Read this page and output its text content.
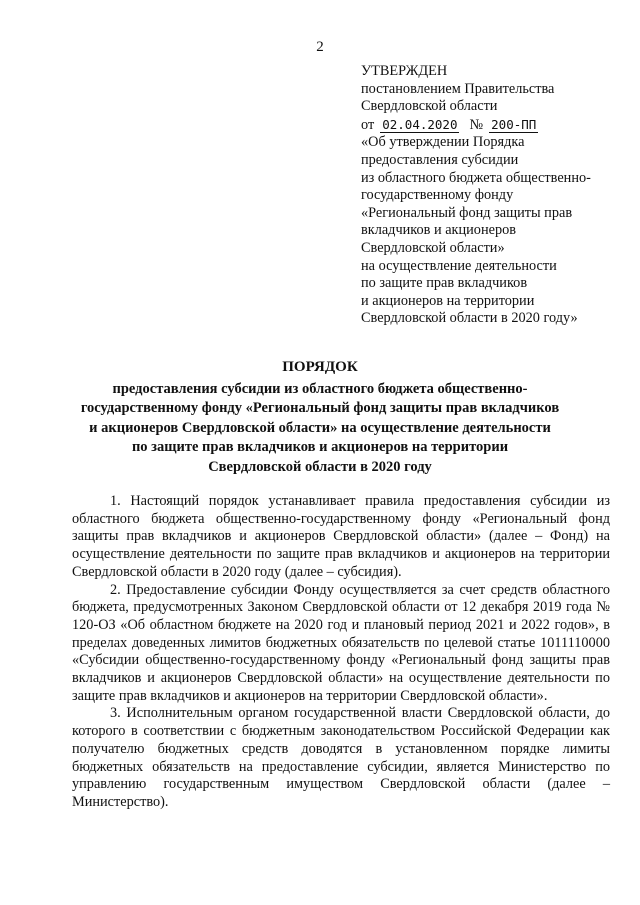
2
УТВЕРЖДЕН
постановлением Правительства
Свердловской области
от 02.04.2020 № 200-ПП
«Об утверждении Порядка
предоставления субсидии
из областного бюджета общественно-
государственному фонду
«Региональный фонд защиты прав
вкладчиков и акционеров
Свердловской области»
на осуществление деятельности
по защите прав вкладчиков
и акционеров на территории
Свердловской области в 2020 году»
ПОРЯДОК
предоставления субсидии из областного бюджета общественно-
государственному фонду «Региональный фонд защиты прав вкладчиков
и акционеров Свердловской области» на осуществление деятельности
по защите прав вкладчиков и акционеров на территории
Свердловской области в 2020 году

1. Настоящий порядок устанавливает правила предоставления субсидии из областного бюджета общественно-государственному фонду «Региональный фонд защиты прав вкладчиков и акционеров Свердловской области» (далее – Фонд) на осуществление деятельности по защите прав вкладчиков и акционеров на территории Свердловской области в 2020 году (далее – субсидия).

2. Предоставление субсидии Фонду осуществляется за счет средств областного бюджета, предусмотренных Законом Свердловской области от 12 декабря 2019 года № 120-ОЗ «Об областном бюджете на 2020 год и плановый период 2021 и 2022 годов», в пределах доведенных лимитов бюджетных обязательств по целевой статье 1011110000 «Субсидии общественно-государственному фонду «Региональный фонд защиты прав вкладчиков и акционеров Свердловской области» на осуществление деятельности по защите прав вкладчиков и акционеров на территории Свердловской области».

3. Исполнительным органом государственной власти Свердловской области, до которого в соответствии с бюджетным законодательством Российской Федерации как получателю бюджетных средств доводятся в установленном порядке лимиты бюджетных обязательств на предоставление субсидии, является Министерство по управлению государственным имуществом Свердловской области (далее – Министерство).
